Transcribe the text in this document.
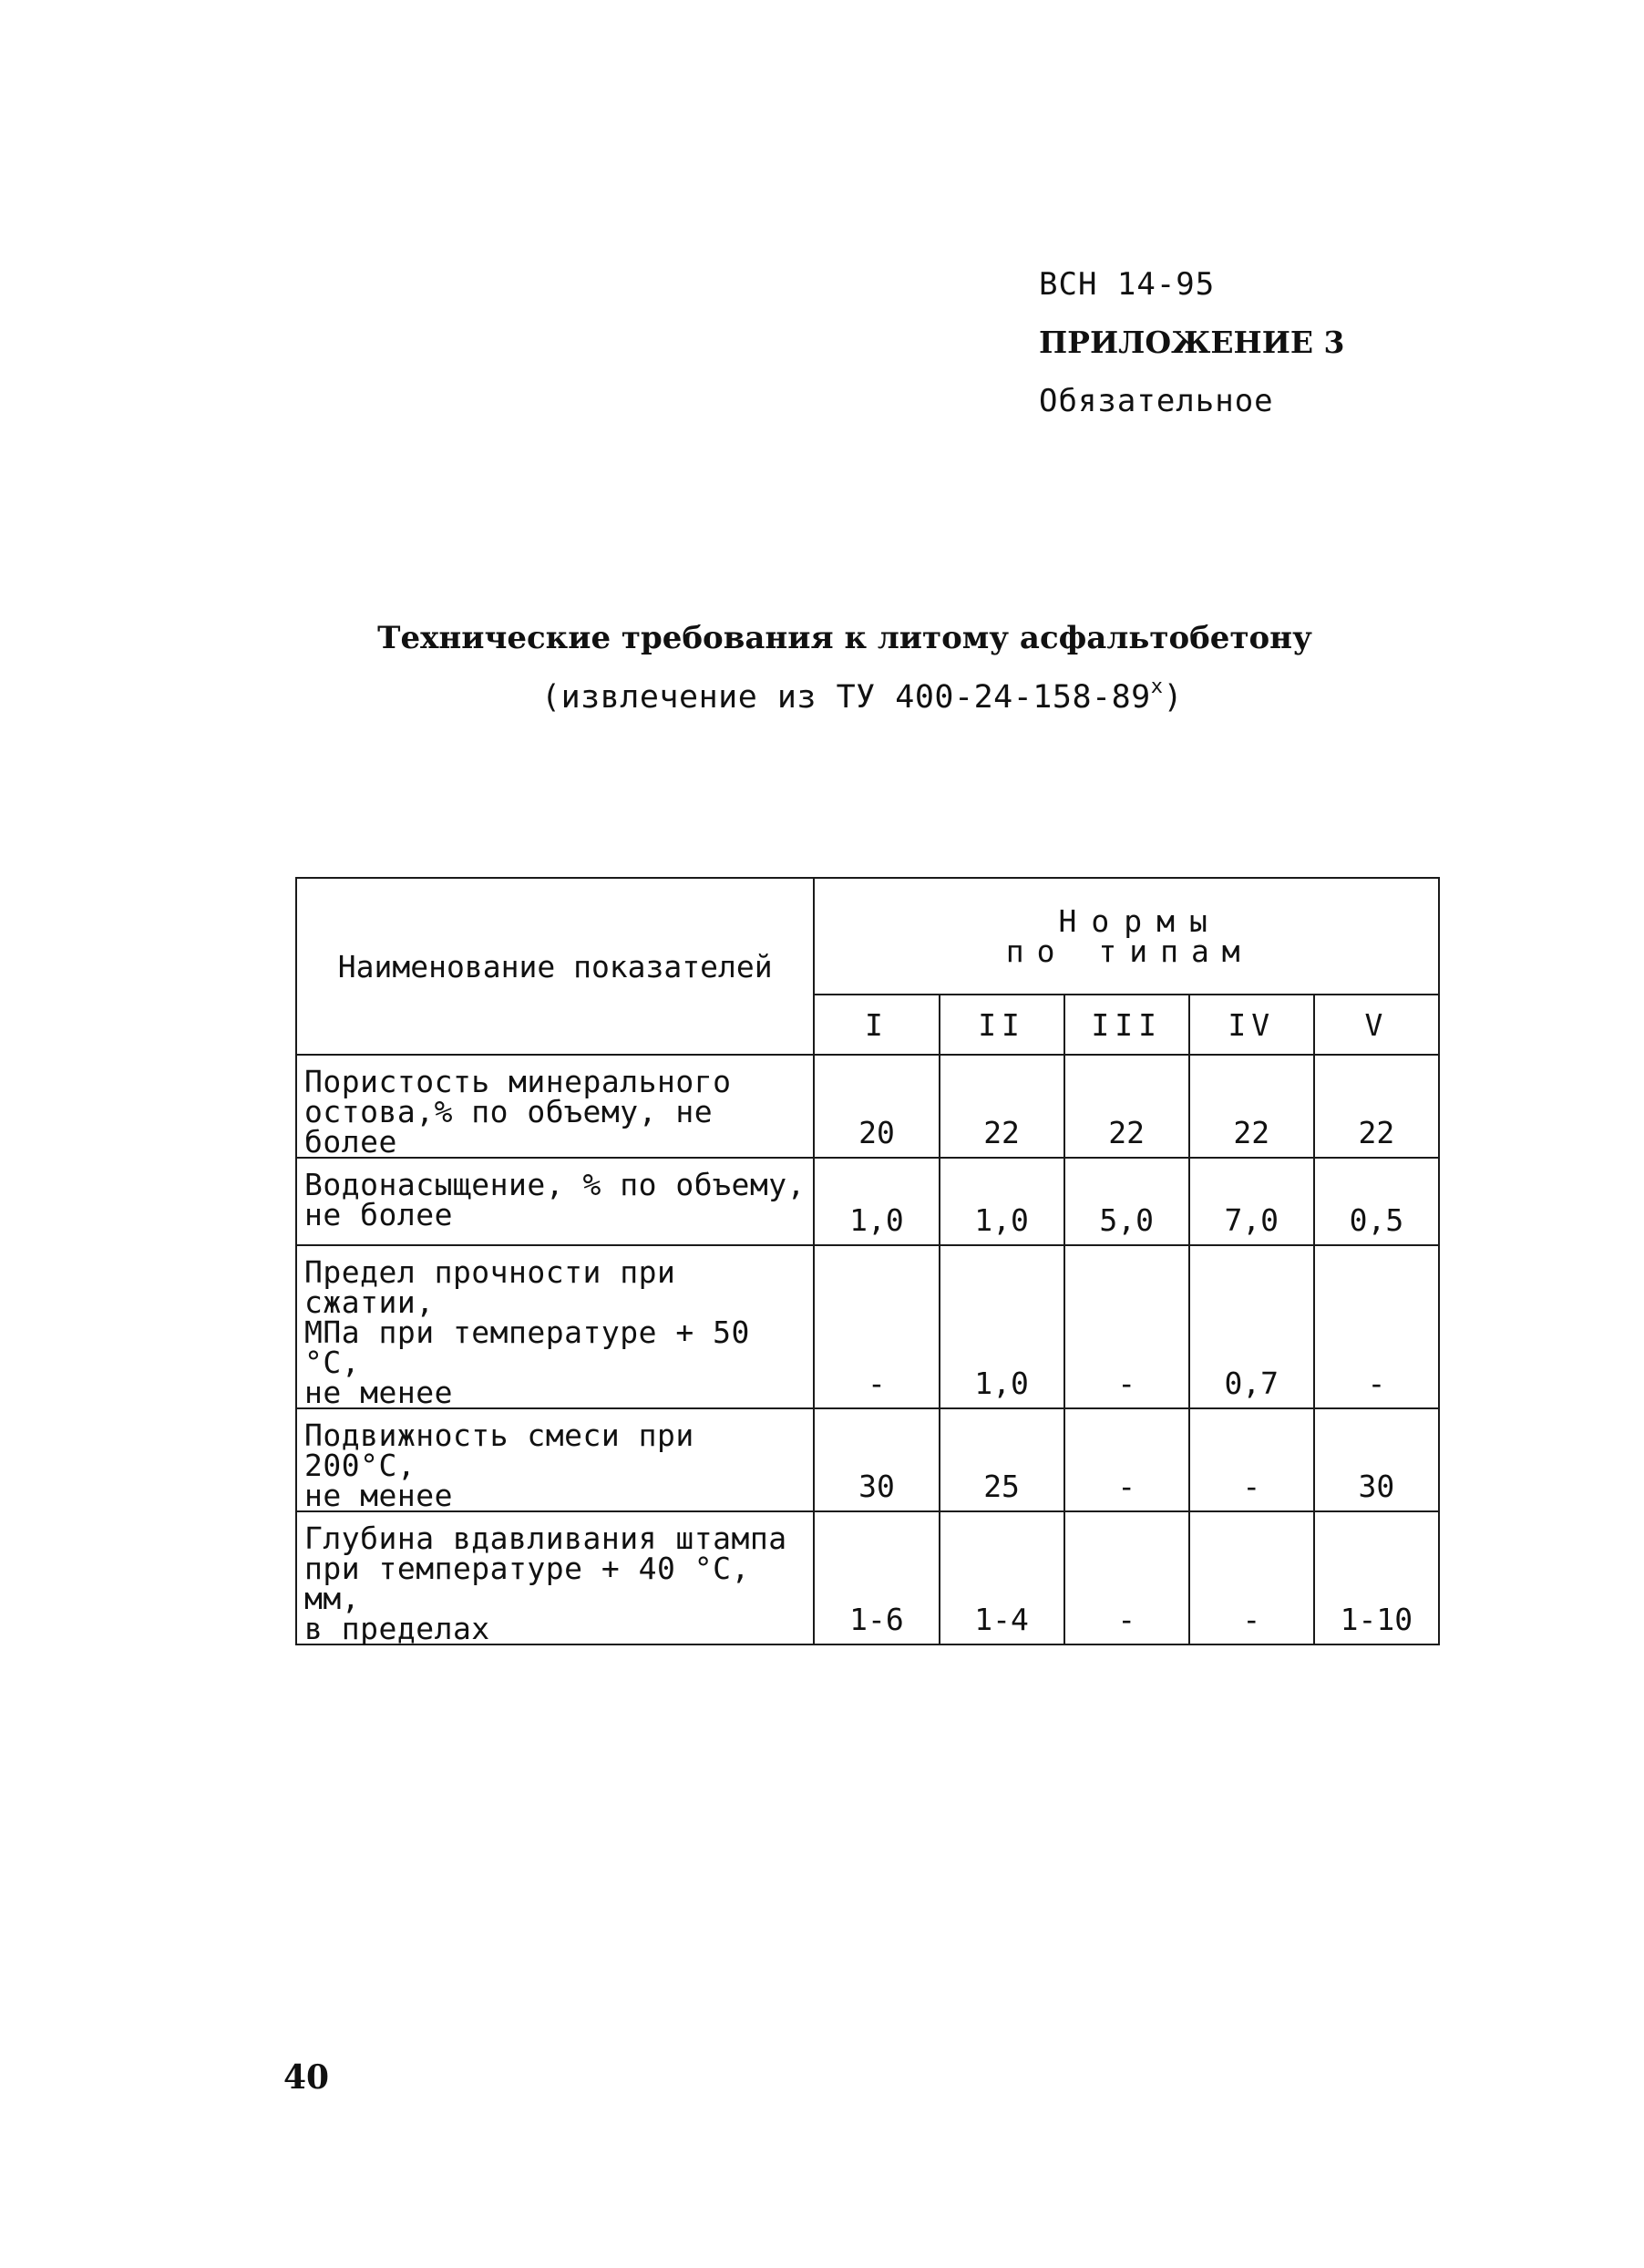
ВСН 14-95
ПРИЛОЖЕНИЕ 3
Обязательное
Технические требования к литому асфальтобетону
(извлечение из ТУ 400-24-158-89$^x$)
Наименование показателей	Нормы
по типам				

	I	II	III	IV	V
Пористость минерального
остова,% по объему, не более	20	22	22	22	22
Водонасыщение, % по объему,
не более	1,0	1,0	5,0	7,0	0,5
Предел прочности при сжатии,
МПа при температуре + 50 °С,
не менее	-	1,0	-	0,7	-
Подвижность смеси при 200°С,
не менее	30	25	-	-	30
Глубина вдавливания штампа
при температуре + 40 °С, мм,
в пределах	1-6	1-4	-	-	1-10
40
